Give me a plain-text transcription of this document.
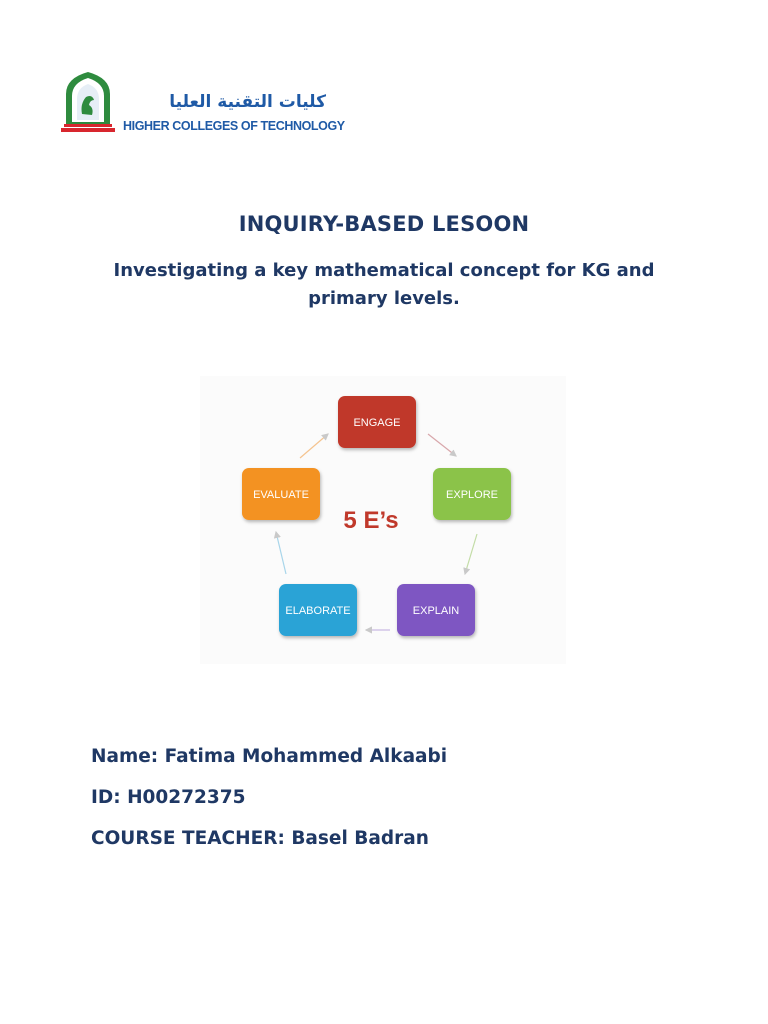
كليات التقنية العليا
HIGHER COLLEGES OF TECHNOLOGY
INQUIRY-BASED LESOON
Investigating a key mathematical concept for KG and primary levels.
ENGAGE
EXPLORE
EXPLAIN
ELABORATE
EVALUATE
5 E’s
Name: Fatima Mohammed Alkaabi
ID: H00272375
COURSE TEACHER: Basel Badran
